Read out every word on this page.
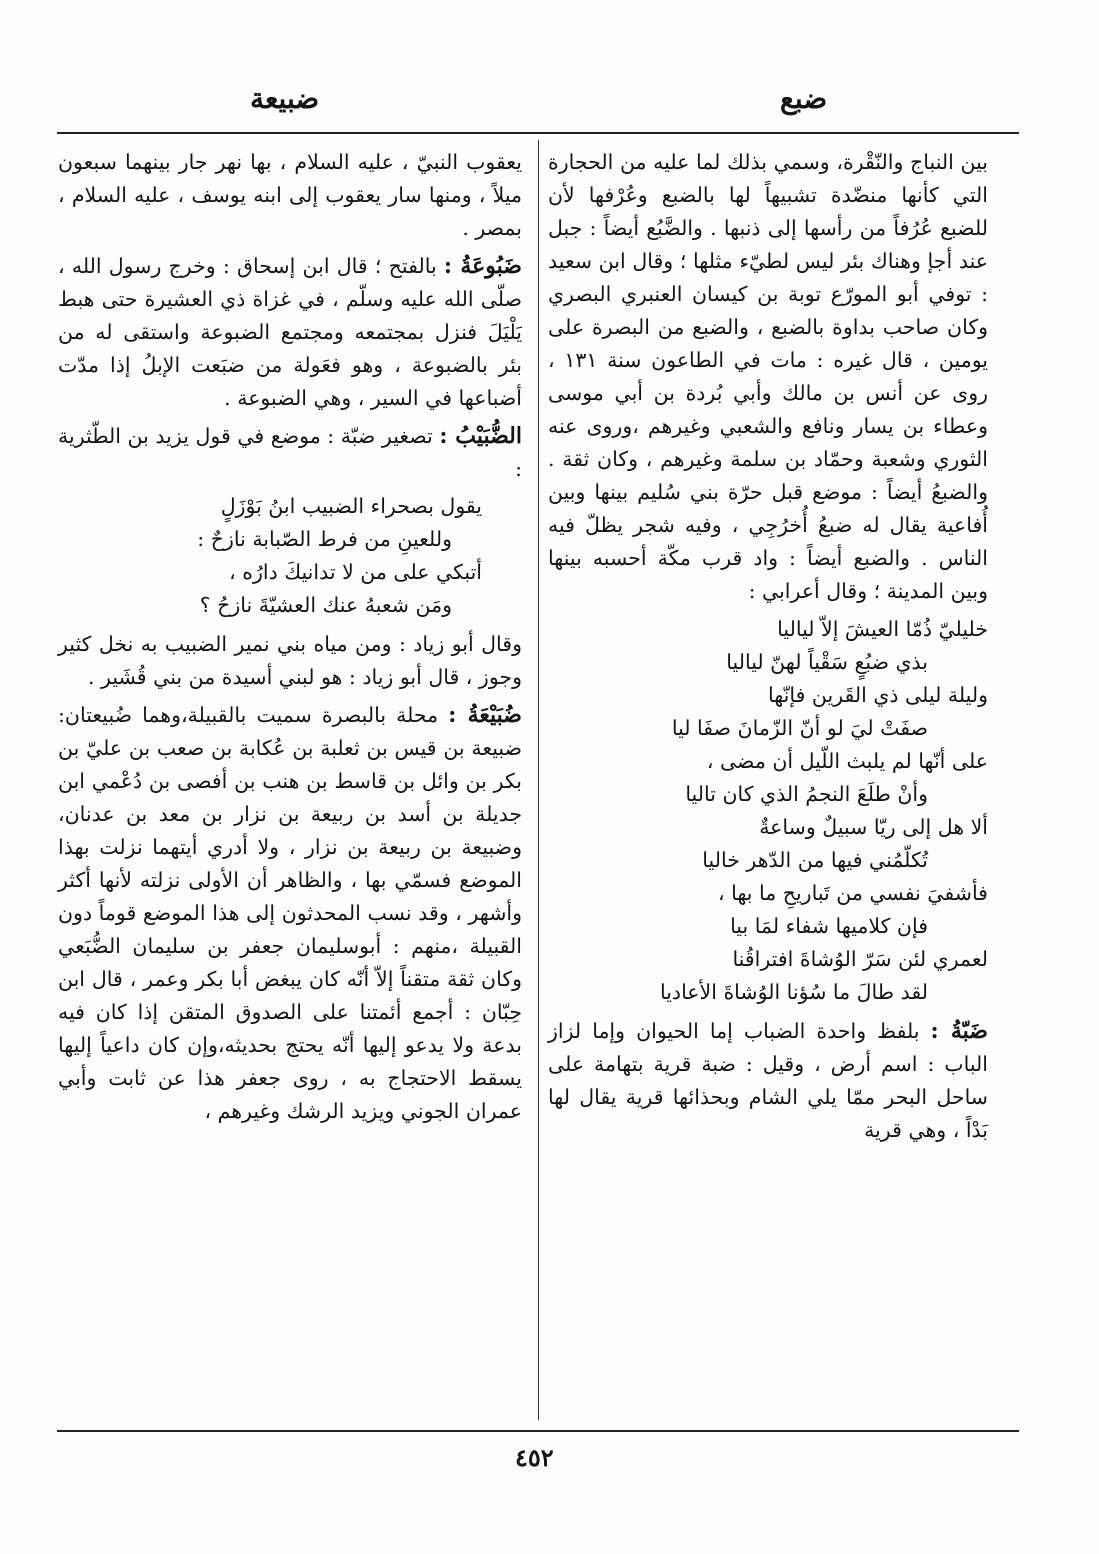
ضبع
ضبيعة

بين النباج والنّقْرة، وسمي بذلك لما عليه من الحجارة التي كأنها منضّدة تشبيهاً لها بالضبع وعُرْفها لأن للضبع عُرُفاً من رأسها إلى ذنبها . والضَّبُع أيضاً : جبل عند أجإ وهناك بئر ليس لطيّء مثلها ؛ وقال ابن سعيد : توفي أبو المورّع توبة بن كيسان العنبري البصري وكان صاحب بداوة بالضبع ، والضبع من البصرة على يومين ، قال غيره : مات في الطاعون سنة ١٣١ ، روى عن أنس بن مالك وأبي بُردة بن أبي موسى وعطاء بن يسار ونافع والشعبي وغيرهم ،وروى عنه الثوري وشعبة وحمّاد بن سلمة وغيرهم ، وكان ثقة . والضبعُ أيضاً : موضع قبل حرّة بني سُليم بينها وبين أُفاعية يقال له ضبعُ أُخرُجِي ، وفيه شجر يظلّ فيه الناس . والضبع أيضاً : واد قرب مكّة أحسبه بينها وبين المدينة ؛ وقال أعرابي :

خليليّ ذُمّا العيشَ إلاّ لياليا

بذي ضبُعٍ سَقْياً لهنّ لياليا

وليلة ليلى ذي القَرين فإنّها

صفَتْ ليَ لو أنّ الزّمانَ صفَا ليا

على أنّها لم يلبث اللّيل أن مضى ،

وأنْ طلَعَ النجمُ الذي كان تاليا

ألا هل إلى ريّا سبيلٌ وساعةٌ

تُكلّمُني فيها من الدّهر خاليا

فأشفيَ نفسي من تَباريحِ ما بها ،

فإن كلاميها شفاء لمَا بيا

لعمري لئن سَرّ الوُشاةَ افتراقُنا

لقد طالَ ما سُؤنا الوُشاةَ الأعاديا

ضَبّةُ : بلفظ واحدة الضباب إما الحيوان وإما لزاز الباب : اسم أرض ، وقيل : ضبة قرية بتهامة على ساحل البحر ممّا يلي الشام وبحذائها قرية يقال لها بَدْاً ، وهي قرية

يعقوب النبيّ ، عليه السلام ، بها نهر جار بينهما سبعون ميلاً ، ومنها سار يعقوب إلى ابنه يوسف ، عليه السلام ، بمصر .

ضَبُوعَةُ : بالفتح ؛ قال ابن إسحاق : وخرج رسول الله ، صلّى الله عليه وسلّم ، في غزاة ذي العشيرة حتى هبط يَلْيَلَ فنزل بمجتمعه ومجتمع الضبوعة واستقى له من بئر بالضبوعة ، وهو فعَولة من ضبَعت الإبلُ إذا مدّت أضباعها في السير ، وهي الضبوعة .

الضُّبَيْبُ : تصغير ضبّة : موضع في قول يزيد بن الطّثرية :

يقول بصحراء الضبيب ابنُ بَوْزَلٍ

وللعينِ من فرط الصّبابة نازحٌ :

أتبكي على من لا تدانيكَ دارُه ،

ومَن شعبهُ عنك العشيّةَ نازحُ ؟

وقال أبو زياد : ومن مياه بني نمير الضبيب به نخل كثير وجوز ، قال أبو زياد : هو لبني أسيدة من بني قُشَير .

ضُبَيْعَةُ : محلة بالبصرة سميت بالقبيلة،وهما ضُبيعتان: ضبيعة بن قيس بن ثعلبة بن عُكابة بن صعب بن عليّ بن بكر بن وائل بن قاسط بن هنب بن أفصى بن دُعْمي ابن جديلة بن أسد بن ربيعة بن نزار بن معد بن عدنان، وضبيعة بن ربيعة بن نزار ، ولا أدري أيتهما نزلت بهذا الموضع فسمّي بها ، والظاهر أن الأولى نزلته لأنها أكثر وأشهر ، وقد نسب المحدثون إلى هذا الموضع قوماً دون القبيلة ،منهم : أبوسليمان جعفر بن سليمان الضُّبَعي وكان ثقة متقناً إلاّ أنّه كان يبغض أبا بكر وعمر ، قال ابن حِبّان : أجمع أئمتنا على الصدوق المتقن إذا كان فيه بدعة ولا يدعو إليها أنّه يحتج بحديثه،وإن كان داعياً إليها يسقط الاحتجاج به ، روى جعفر هذا عن ثابت وأبي عمران الجوني ويزيد الرشك وغيرهم ،

٤٥٢
